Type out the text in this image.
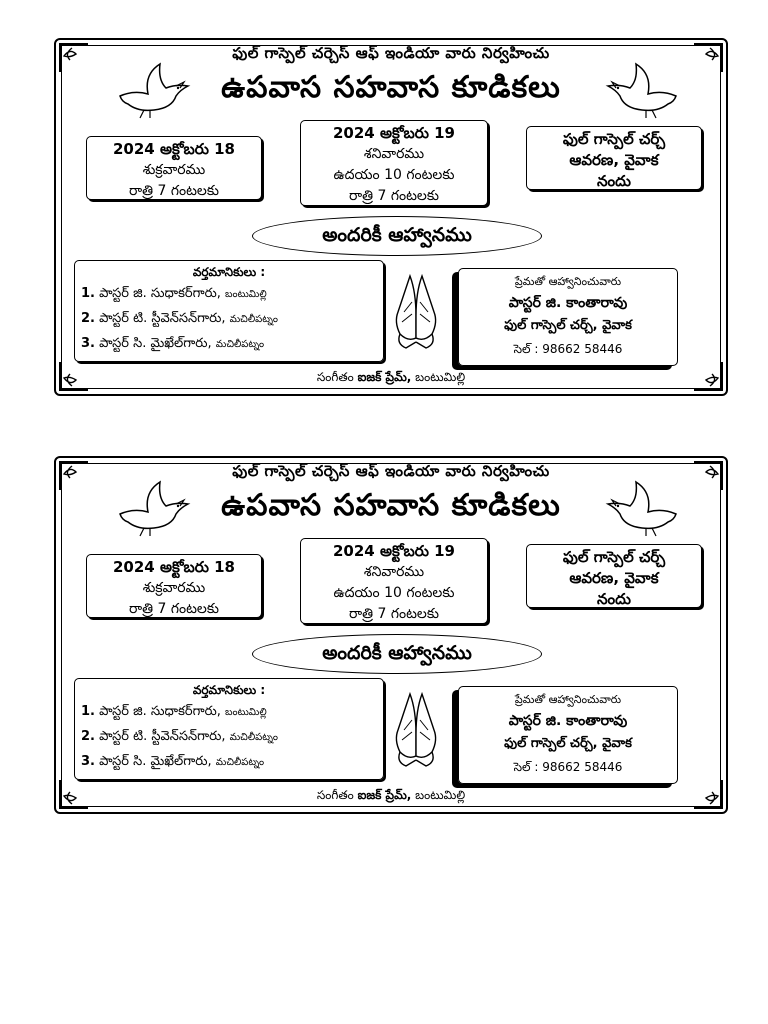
ఫుల్ గాస్పెల్ చర్చెస్ ఆఫ్ ఇండియా వారు నిర్వహించు
ఉపవాస సహవాస కూడికలు
2024 అక్టోబరు 18
శుక్రవారము
రాత్రి 7 గంటలకు
2024 అక్టోబరు 19
శనివారము
ఉదయం 10 గంటలకు
రాత్రి 7 గంటలకు
ఫుల్ గాస్పెల్ చర్చ్
ఆవరణ, వైవాక
నందు
అందరికీ ఆహ్వానము
వర్తమానికులు :
1. పాస్టర్ జి. సుధాకర్‌గారు, బంటుమిల్లి
2. పాస్టర్ టి. స్టీవెన్‌సన్‌గారు, మచిలీపట్నం
3. పాస్టర్ సి. మైఖేల్‌గారు, మచిలీపట్నం
ప్రేమతో ఆహ్వానించువారు
పాస్టర్ జి. కాంతారావు
ఫుల్ గాస్పెల్ చర్చ్, వైవాక
సెల్ : 98662 58446
సంగీతం ఐజక్ ప్రేమ్, బంటుమిల్లి
ఫుల్ గాస్పెల్ చర్చెస్ ఆఫ్ ఇండియా వారు నిర్వహించు
ఉపవాస సహవాస కూడికలు
2024 అక్టోబరు 18
శుక్రవారము
రాత్రి 7 గంటలకు
2024 అక్టోబరు 19
శనివారము
ఉదయం 10 గంటలకు
రాత్రి 7 గంటలకు
ఫుల్ గాస్పెల్ చర్చ్
ఆవరణ, వైవాక
నందు
అందరికీ ఆహ్వానము
వర్తమానికులు :
1. పాస్టర్ జి. సుధాకర్‌గారు, బంటుమిల్లి
2. పాస్టర్ టి. స్టీవెన్‌సన్‌గారు, మచిలీపట్నం
3. పాస్టర్ సి. మైఖేల్‌గారు, మచిలీపట్నం
ప్రేమతో ఆహ్వానించువారు
పాస్టర్ జి. కాంతారావు
ఫుల్ గాస్పెల్ చర్చ్, వైవాక
సెల్ : 98662 58446
సంగీతం ఐజక్ ప్రేమ్, బంటుమిల్లి
